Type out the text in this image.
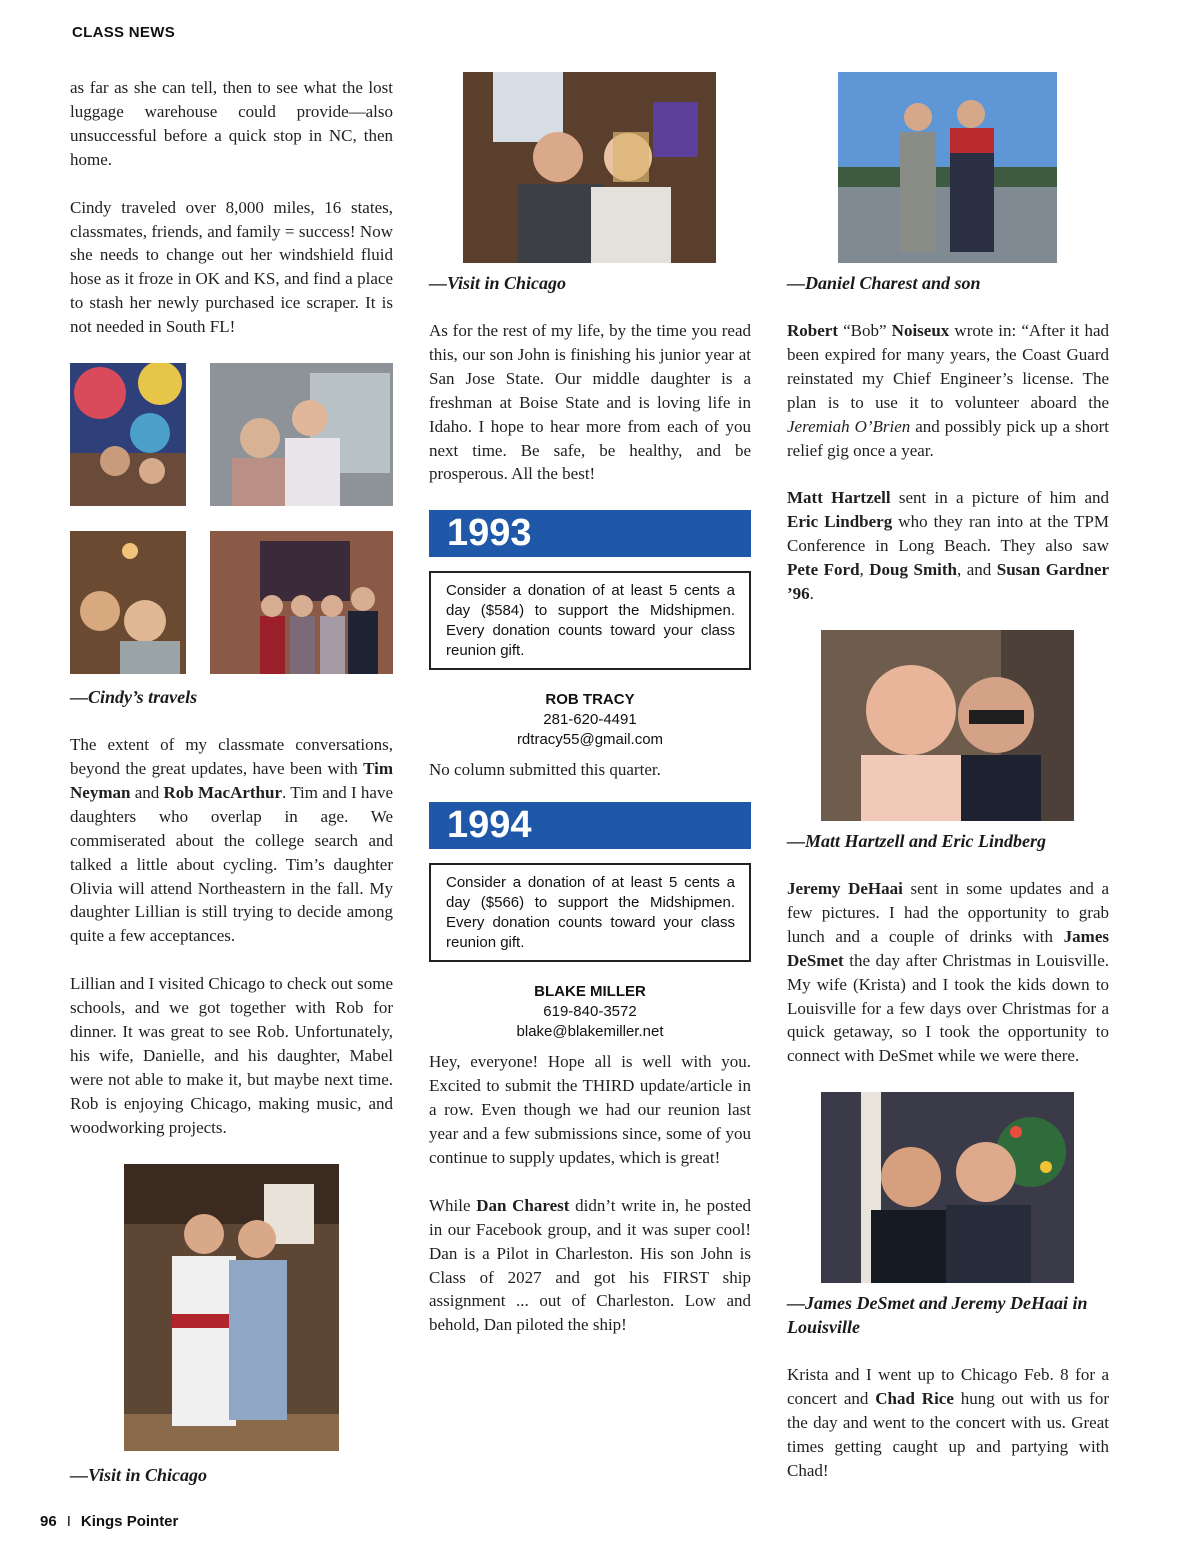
CLASS NEWS

as far as she can tell, then to see what the lost luggage warehouse could provide—also unsuccessful before a quick stop in NC, then home.

Cindy traveled over 8,000 miles, 16 states, classmates, friends, and family = success! Now she needs to change out her windshield fluid hose as it froze in OK and KS, and find a place to stash her newly purchased ice scraper. It is not needed in South FL!

—Cindy’s travels

The extent of my classmate conversations, beyond the great updates, have been with Tim Neyman and Rob MacArthur. Tim and I have daughters who overlap in age. We commiserated about the college search and talked a little about cycling. Tim’s daughter Olivia will attend Northeastern in the fall. My daughter Lillian is still trying to decide among quite a few acceptances.

Lillian and I visited Chicago to check out some schools, and we got together with Rob for dinner. It was great to see Rob. Unfortunately, his wife, Danielle, and his daughter, Mabel were not able to make it, but maybe next time. Rob is enjoying Chicago, making music, and woodworking projects.

—Visit in Chicago
—Visit in Chicago

As for the rest of my life, by the time you read this, our son John is finishing his junior year at San Jose State. Our middle daughter is a freshman at Boise State and is loving life in Idaho. I hope to hear more from each of you next time. Be safe, be healthy, and be prosperous. All the best!

1993
Consider a donation of at least 5 cents a day ($584) to support the Midshipmen. Every donation counts toward your class reunion gift.
ROB TRACY
281-620-4491
rdtracy55@gmail.com

No column submitted this quarter.

1994
Consider a donation of at least 5 cents a day ($566) to support the Midshipmen. Every donation counts toward your class reunion gift.
BLAKE MILLER
619-840-3572
blake@blakemiller.net

Hey, everyone! Hope all is well with you. Excited to submit the THIRD update/article in a row. Even though we had our reunion last year and a few submissions since, some of you continue to supply updates, which is great!

While Dan Charest didn’t write in, he posted in our Facebook group, and it was super cool! Dan is a Pilot in Charleston. His son John is Class of 2027 and got his FIRST ship assignment ... out of Charleston. Low and behold, Dan piloted the ship!

—Daniel Charest and son

Robert “Bob” Noiseux wrote in: “After it had been expired for many years, the Coast Guard reinstated my Chief Engineer’s license. The plan is to use it to volunteer aboard the Jeremiah O’Brien and possibly pick up a short relief gig once a year.

Matt Hartzell sent in a picture of him and Eric Lindberg who they ran into at the TPM Conference in Long Beach. They also saw Pete Ford, Doug Smith, and Susan Gardner ’96.

—Matt Hartzell and Eric Lindberg

Jeremy DeHaai sent in some updates and a few pictures. I had the opportunity to grab lunch and a couple of drinks with James DeSmet the day after Christmas in Louisville. My wife (Krista) and I took the kids down to Louisville for a few days over Christmas for a quick getaway, so I took the opportunity to connect with DeSmet while we were there.

—James DeSmet and Jeremy DeHaai in Louisville

Krista and I went up to Chicago Feb. 8 for a concert and Chad Rice hung out with us for the day and went to the concert with us. Great times getting caught up and partying with Chad!

96 I Kings Pointer
